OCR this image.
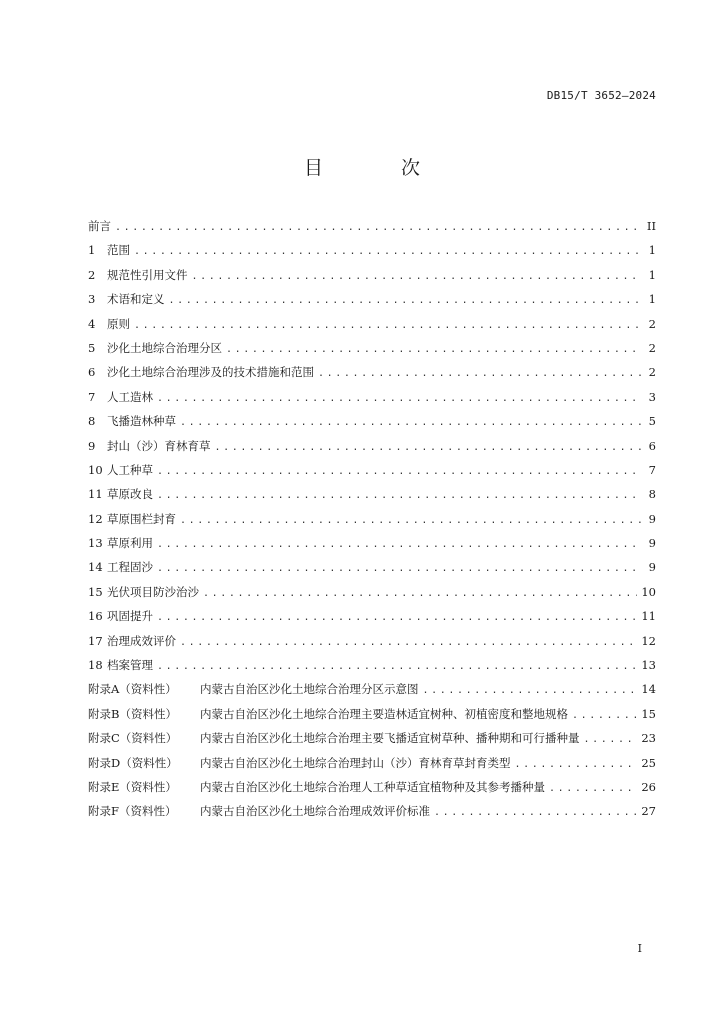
DB15/T 3652—2024
目 次
前言 .....	II
1	范围 .....	1
2	规范性引用文件 .....	1
3	术语和定义 .....	1
4	原则 .....	2
5	沙化土地综合治理分区 .....	2
6	沙化土地综合治理涉及的技术措施和范围 .....	2
7	人工造林 .....	3
8	飞播造林种草 .....	5
9	封山（沙）育林育草 .....	6
10 人工种草 .....	7
11 草原改良 .....	8
12 草原围栏封育 .....	9
13 草原利用 .....	9
14 工程固沙 .....	9
15 光伏项目防沙治沙 .....	10
16 巩固提升 .....	11
17 治理成效评价 .....	12
18 档案管理 .....	13
附录A（资料性）	内蒙古自治区沙化土地综合治理分区示意图 .....	14
附录B（资料性）	内蒙古自治区沙化土地综合治理主要造林适宜树种、初植密度和整地规格 .....	15
附录C（资料性）	内蒙古自治区沙化土地综合治理主要飞播适宜树草种、播种期和可行播种量 .....	23
附录D（资料性）	内蒙古自治区沙化土地综合治理封山（沙）育林育草封育类型 .....	25
附录E（资料性）	内蒙古自治区沙化土地综合治理人工种草适宜植物种及其参考播种量 .....	26
附录F（资料性）	内蒙古自治区沙化土地综合治理成效评价标准 .....	27
I
